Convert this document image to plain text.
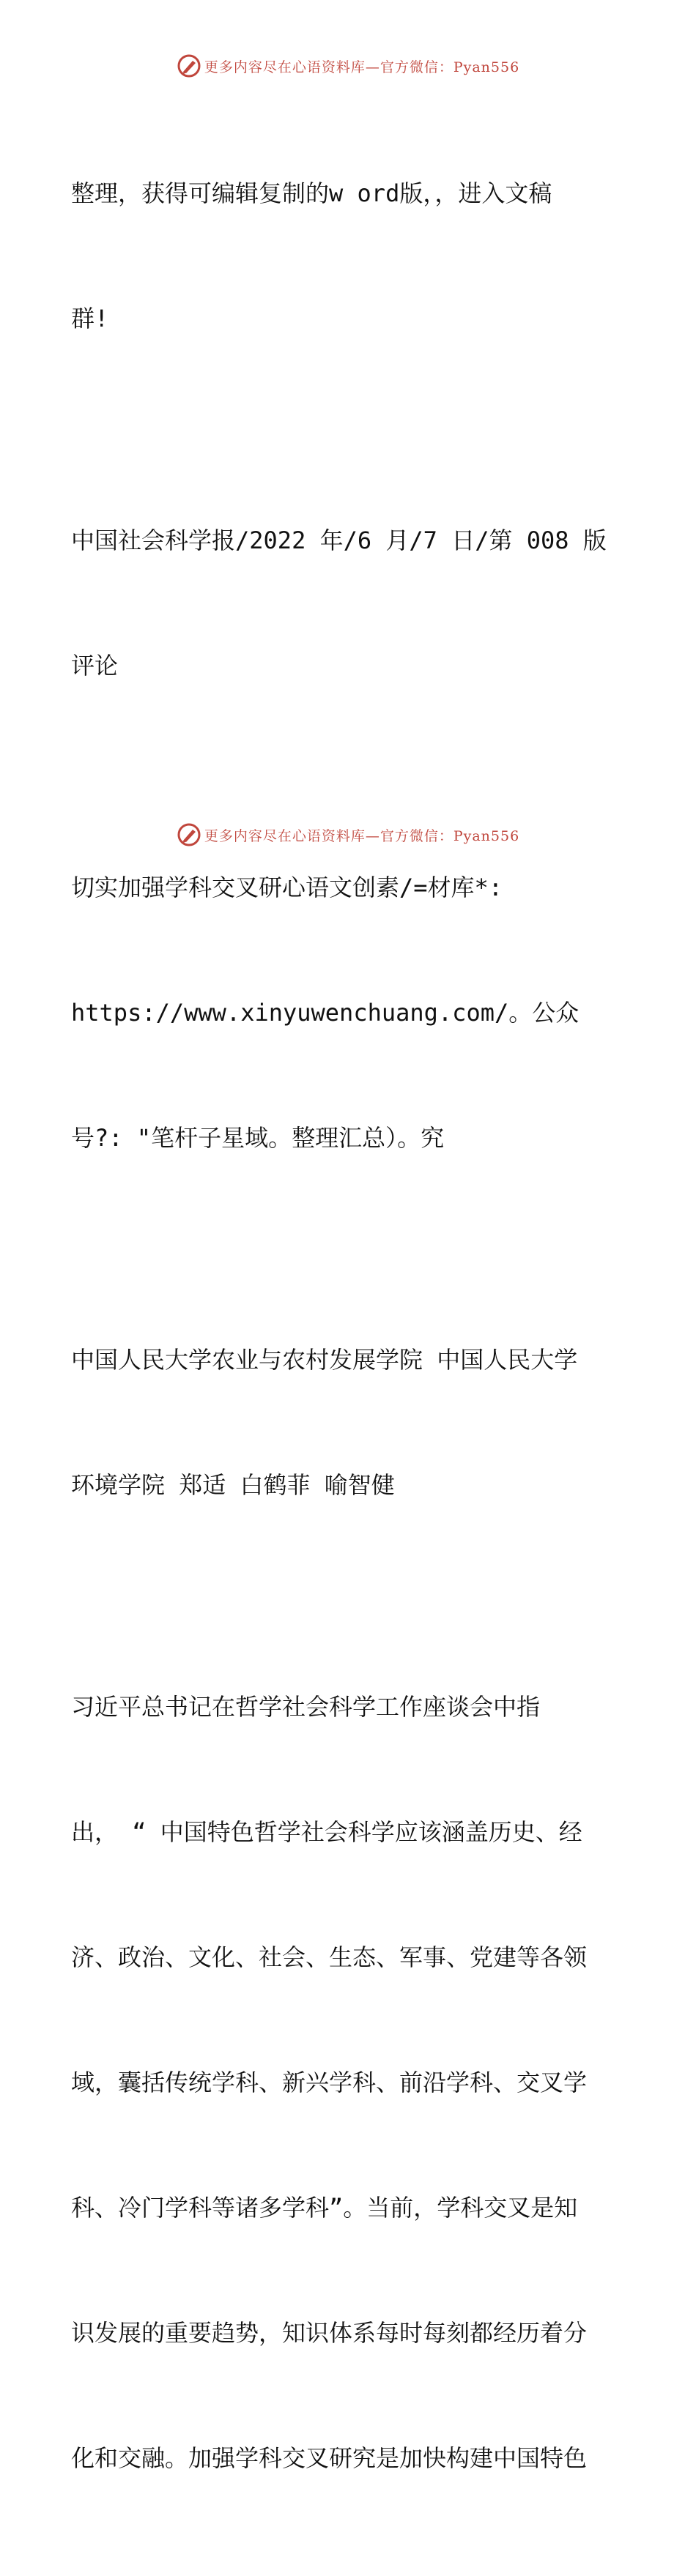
更多内容尽在心语资料库—官方微信：Pyan556

整理，获得可编辑复制的w ord版，，进入文稿

群!

中国社会科学报/2022 年/6 月/7 日/第 008 版

评论

切实加强学科交叉研心语文创素/=材库*:

https://www.xinyuwenchuang.com/。公众

号?: "笔杆子星域。整理汇总）。究

中国人民大学农业与农村发展学院 中国人民大学

环境学院 郑适 白鹤菲 喻智健

习近平总书记在哲学社会科学工作座谈会中指

出， “ 中国特色哲学社会科学应该涵盖历史、经

济、政治、文化、社会、生态、军事、党建等各领

域，囊括传统学科、新兴学科、前沿学科、交叉学

科、冷门学科等诸多学科”。当前，学科交叉是知

识发展的重要趋势，知识体系每时每刻都经历着分

化和交融。加强学科交叉研究是加快构建中国特色

更多内容尽在心语资料库—官方微信：Pyan556
